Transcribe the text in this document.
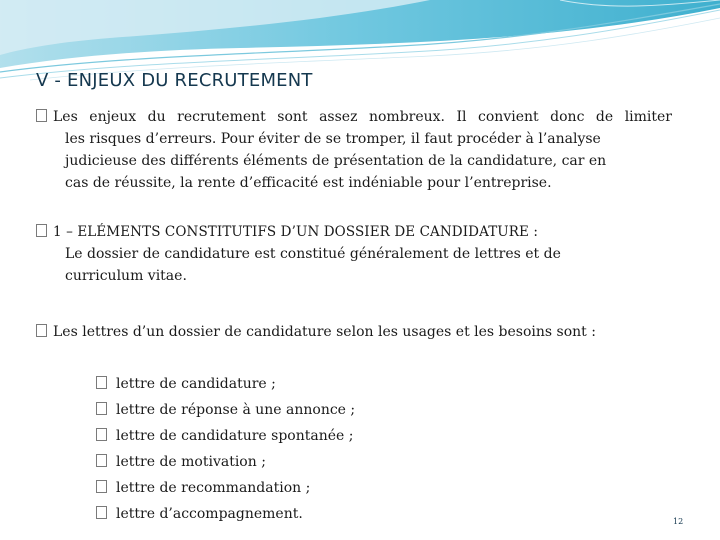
V - ENJEUX DU RECRUTEMENT
Les enjeux du recrutement sont assez nombreux. Il convient donc de limiter
les risques d’erreurs. Pour éviter de se tromper, il faut procéder à l’analyse
judicieuse des différents éléments de présentation de la candidature, car en
cas de réussite, la rente d’efficacité est indéniable pour l’entreprise.
1 – ELÉMENTS CONSTITUTIFS D’UN DOSSIER DE CANDIDATURE :
Le dossier de candidature est constitué généralement de lettres et de
curriculum vitae.
Les lettres d’un dossier de candidature selon les usages et les besoins sont :
lettre de candidature ;
lettre de réponse à une annonce ;
lettre de candidature spontanée ;
lettre de motivation ;
lettre de recommandation ;
lettre d’accompagnement.	12
